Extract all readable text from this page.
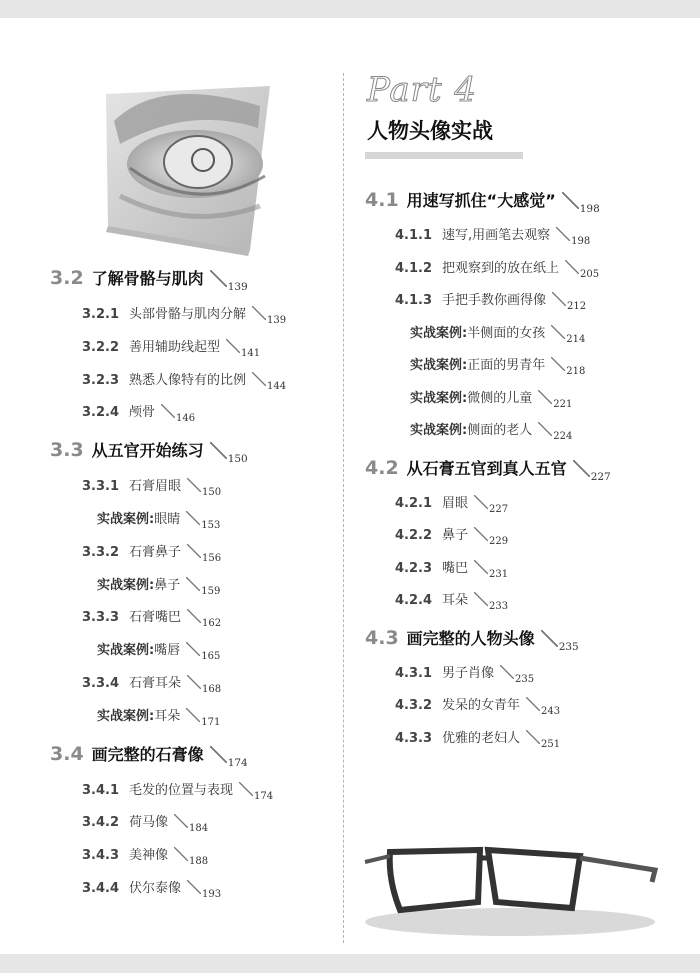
Part 4
人物头像实战
3.2 了解骨骼与肌肉 139
3.2.1 头部骨骼与肌肉分解 139
3.2.2 善用辅助线起型 141
3.2.3 熟悉人像特有的比例 144
3.2.4 颅骨 146
3.3 从五官开始练习 150
3.3.1 石膏眉眼 150
实战案例: 眼睛 153
3.3.2 石膏鼻子 156
实战案例: 鼻子 159
3.3.3 石膏嘴巴 162
实战案例: 嘴唇 165
3.3.4 石膏耳朵 168
实战案例: 耳朵 171
3.4 画完整的石膏像 174
3.4.1 毛发的位置与表现 174
3.4.2 荷马像 184
3.4.3 美神像 188
3.4.4 伏尔泰像 193
4.1 用速写抓住“大感觉” 198
4.1.1 速写,用画笔去观察 198
4.1.2 把观察到的放在纸上 205
4.1.3 手把手教你画得像 212
实战案例: 半侧面的女孩 214
实战案例: 正面的男青年 218
实战案例: 微侧的儿童 221
实战案例: 侧面的老人 224
4.2 从石膏五官到真人五官 227
4.2.1 眉眼 227
4.2.2 鼻子 229
4.2.3 嘴巴 231
4.2.4 耳朵 233
4.3 画完整的人物头像 235
4.3.1 男子肖像 235
4.3.2 发呆的女青年 243
4.3.3 优雅的老妇人 251
